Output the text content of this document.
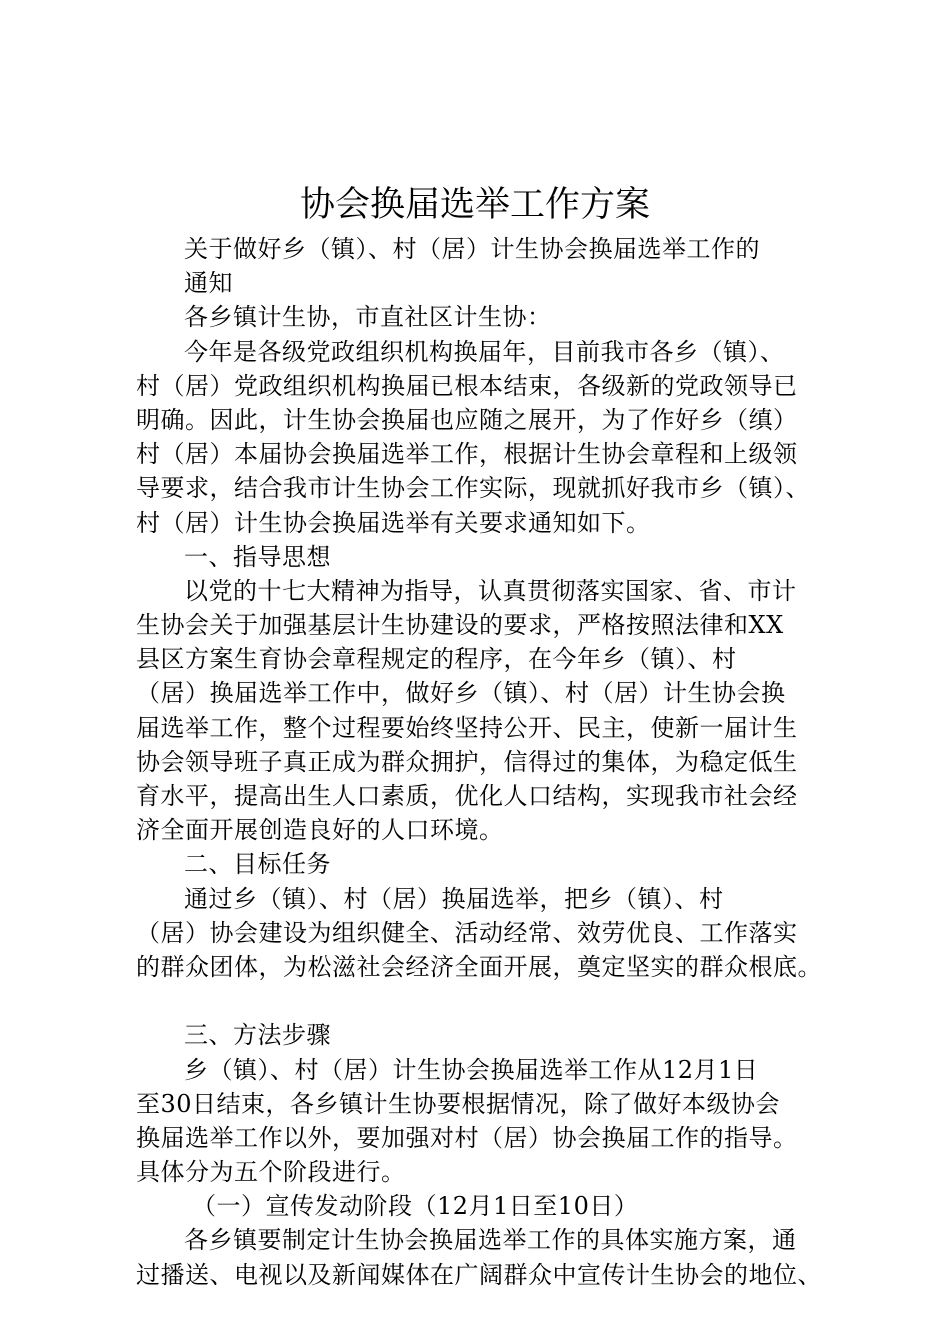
协会换届选举工作方案
关于做好乡（镇）、村（居）计生协会换届选举工作的
通知
各乡镇计生协，市直社区计生协：
今年是各级党政组织机构换届年，目前我市各乡（镇）、
村（居）党政组织机构换届已根本结束，各级新的党政领导已
明确。因此，计生协会换届也应随之展开，为了作好乡（缜）
村（居）本届协会换届选举工作，根据计生协会章程和上级领
导要求，结合我市计生协会工作实际，现就抓好我市乡（镇）、
村（居）计生协会换届选举有关要求通知如下。
一、指导思想
以党的十七大精神为指导，认真贯彻落实国家、省、市计
生协会关于加强基层计生协建设的要求，严格按照法律和XX
县区方案生育协会章程规定的程序，在今年乡（镇）、村
（居）换届选举工作中，做好乡（镇）、村（居）计生协会换
届选举工作，整个过程要始终坚持公开、民主，使新一届计生
协会领导班子真正成为群众拥护，信得过的集体，为稳定低生
育水平，提高出生人口素质，优化人口结构，实现我市社会经
济全面开展创造良好的人口环境。
二、目标任务
通过乡（镇）、村（居）换届选举，把乡（镇）、村
（居）协会建设为组织健全、活动经常、效劳优良、工作落实
的群众团体，为松滋社会经济全面开展，奠定坚实的群众根底。
三、方法步骤
乡（镇）、村（居）计生协会换届选举工作从12月1日
至30日结束，各乡镇计生协要根据情况，除了做好本级协会
换届选举工作以外，要加强对村（居）协会换届工作的指导。
具体分为五个阶段进行。
（一）宣传发动阶段（12月1日至10日）
各乡镇要制定计生协会换届选举工作的具体实施方案，通
过播送、电视以及新闻媒体在广阔群众中宣传计生协会的地位、
